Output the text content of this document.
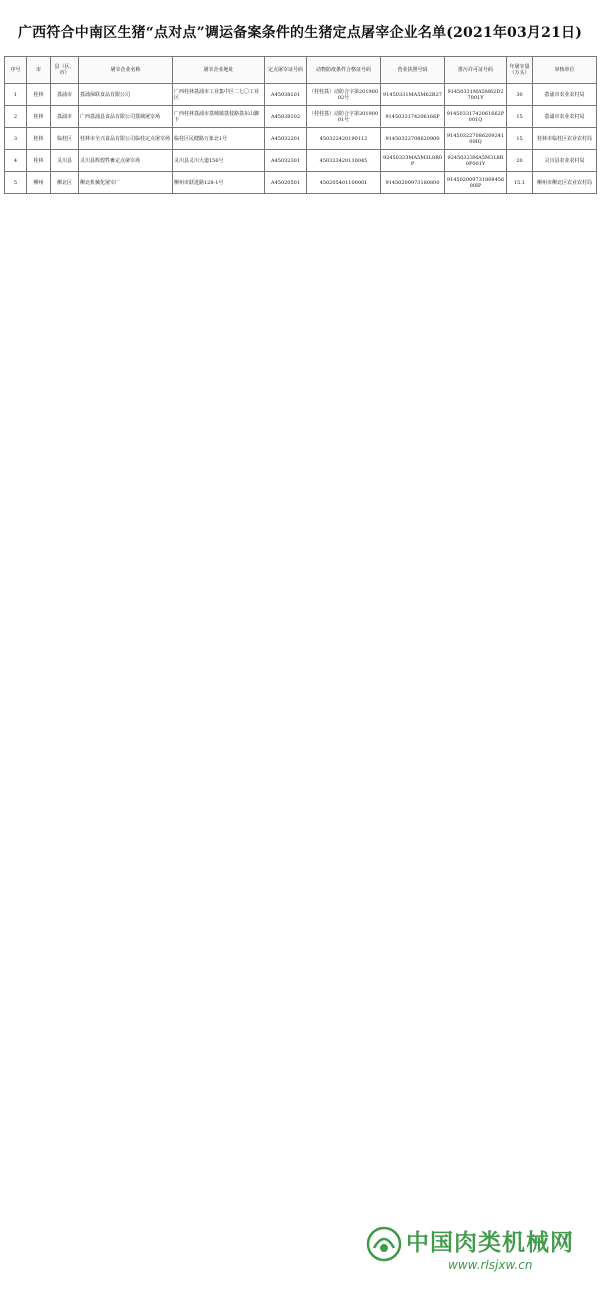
广西符合中南区生猪“点对点”调运备案条件的生猪定点屠宰企业名单(2021年03月21日)
序号	市	县（区、市）	屠宰企业名称	屠宰企业地址	定点屠宰证号码	动物防疫条件合格证号码	营业执照号码	排污许可证号码	年屠宰量（万头）	审核单位
1	桂林	荔浦市	荔浦保联食品有限公司	广西桂林荔浦市工业集中区二七〇工业区	A45038101	（桂桂荔）动防合字第20190002号	91450331MA5M62B27	91450331MA5M62D27001Y	30	荔浦市农业农村局
2	桂林	荔浦市	广西荔浦县食品有限公司荔城屠宰场	广西桂林荔浦市荔城镇荔枝路荔东山脚下	A45038102	（桂桂荔）动防合字第20190001号	9145033174206166P	91450331742061662P001Q	15	荔浦市农业农村局
3	桂林	临桂区	桂林市全兴食品有限公司临桂定点屠宰场	临桂区民健路万象北1号	A45032201	450322420190112	91450322708620900	91450322708620924100IQ	15	桂林市临桂区农业农村局
4	桂林	灵川县	灵川县辉煌牲畜定点屠宰场	灵川县灵川大道156号	A45032301	450323420110045	92450323MA5M3L8R0P	92450323MA5M3L8R0P001Y	20	灵川县农业农村局
5	柳州	柳北区	柳北机械化屠宰厂	柳州市跃进路128-1号	A45020501	450205401100001	91450200973180800	91450200973180845600IP	15.1	柳州市柳北区农业农村局
中国肉类机械网
www.rlsjxw.cn
